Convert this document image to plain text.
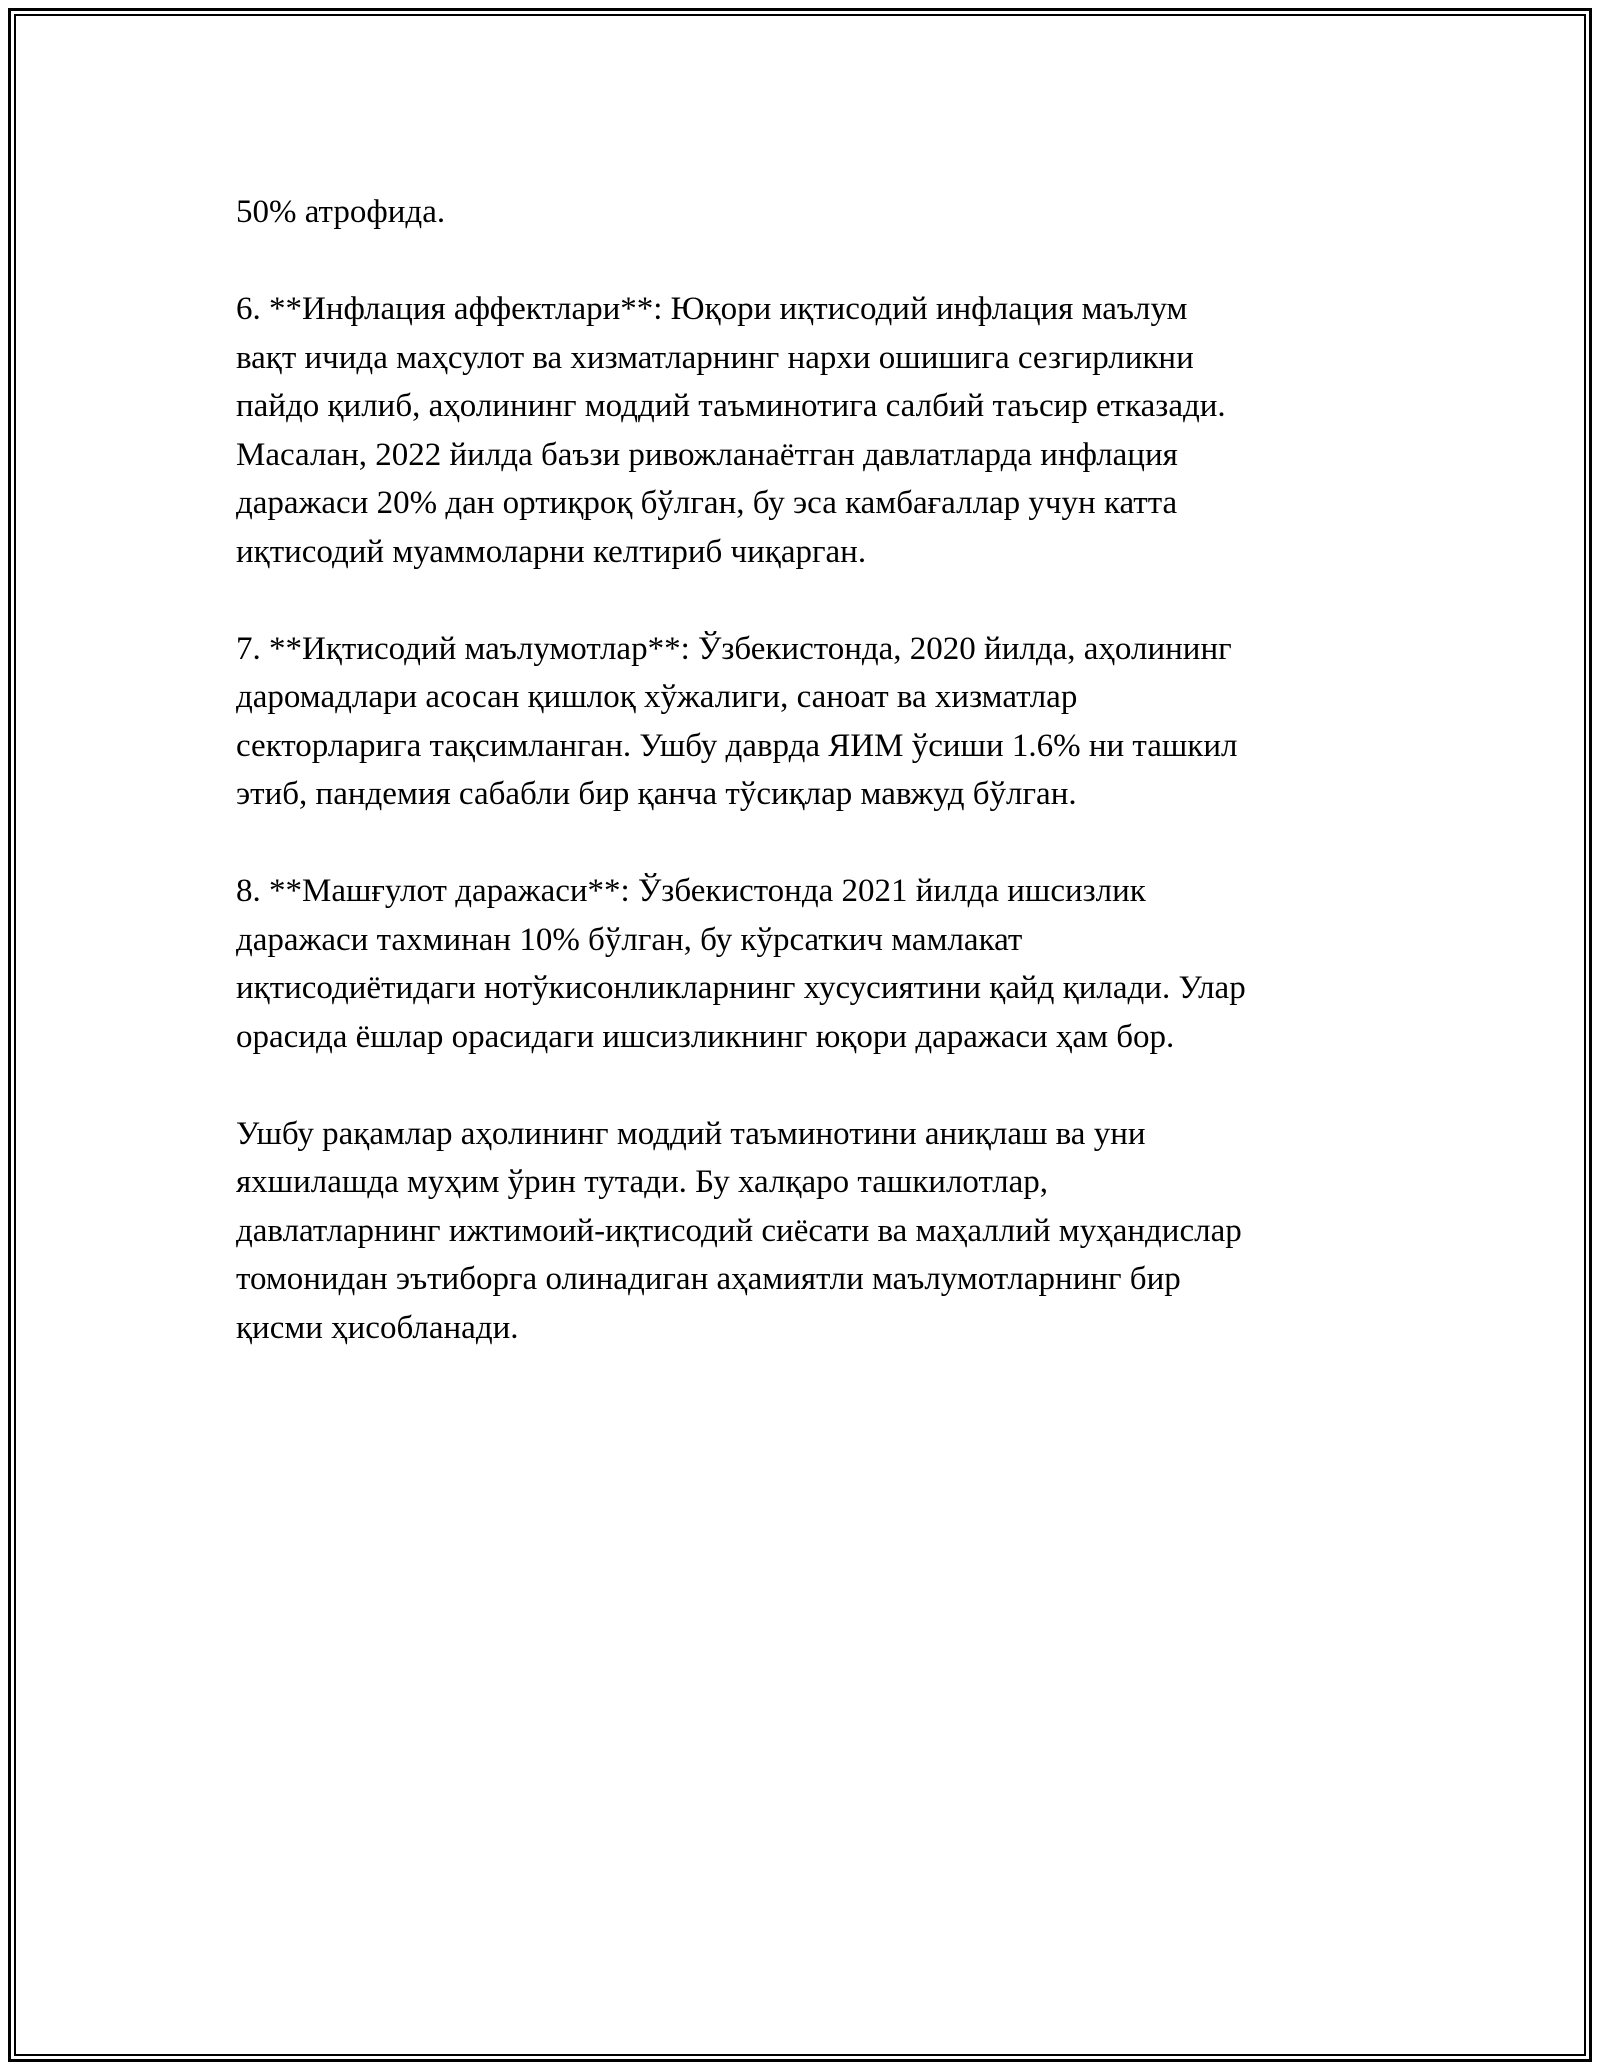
50% атрофида.

6. **Инфлация аффектлари**: Юқори иқтисодий инфлация маълум
вақт ичида маҳсулот ва хизматларнинг нархи ошишига сезгирликни
пайдо қилиб, аҳолининг моддий таъминотига салбий таъсир етказади.
Масалан, 2022 йилда баъзи ривожланаётган давлатларда инфлация
даражаси 20% дан ортиқроқ бўлган, бу эса камбағаллар учун катта
иқтисодий муаммоларни келтириб чиқарган.

7. **Иқтисодий маълумотлар**: Ўзбекистонда, 2020 йилда, аҳолининг
даромадлари асосан қишлоқ хўжалиги, саноат ва хизматлар
секторларига тақсимланган. Ушбу даврда ЯИМ ўсиши 1.6% ни ташкил
этиб, пандемия сабабли бир қанча тўсиқлар мавжуд бўлган.

8. **Машғулот даражаси**: Ўзбекистонда 2021 йилда ишсизлик
даражаси тахминан 10% бўлган, бу кўрсаткич мамлакат
иқтисодиётидаги нотўкисонликларнинг хусусиятини қайд қилади. Улар
орасида ёшлар орасидаги ишсизликнинг юқори даражаси ҳам бор.

Ушбу рақамлар аҳолининг моддий таъминотини аниқлаш ва уни
яхшилашда муҳим ўрин тутади. Бу халқаро ташкилотлар,
давлатларнинг ижтимоий-иқтисодий сиёсати ва маҳаллий муҳандислар
томонидан эътиборга олинадиган аҳамиятли маълумотларнинг бир
қисми ҳисобланади.
